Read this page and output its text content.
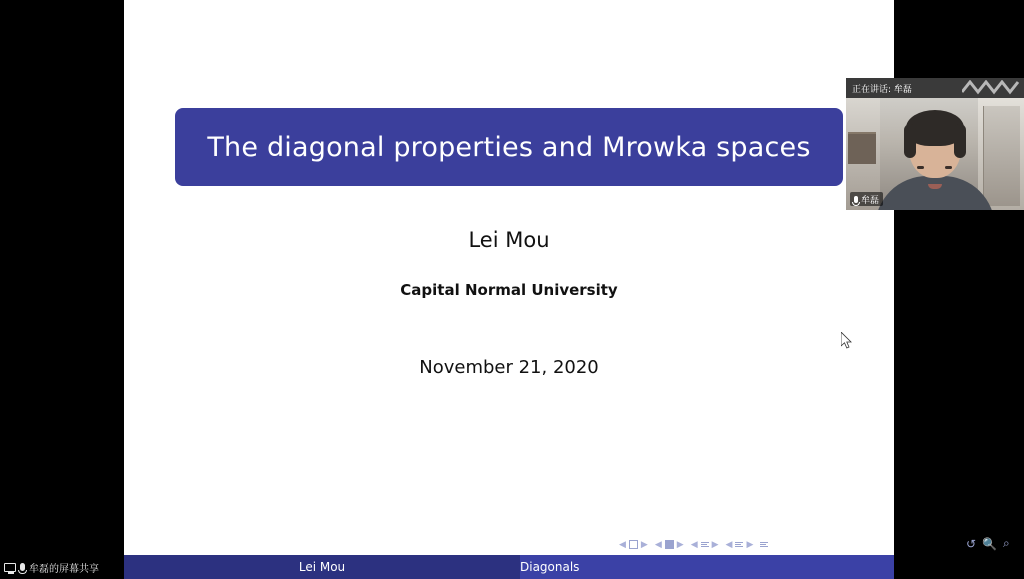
The diagonal properties and Mrowka spaces
Lei Mou
Capital Normal University
November 21, 2020
◀ ▶ ◀ ▶ ◀ ▶ ◀ ▶	↺ 🔍 ⌕
Lei Mou	Diagonals
牟磊的屏幕共享
正在讲话: 牟磊
牟磊
